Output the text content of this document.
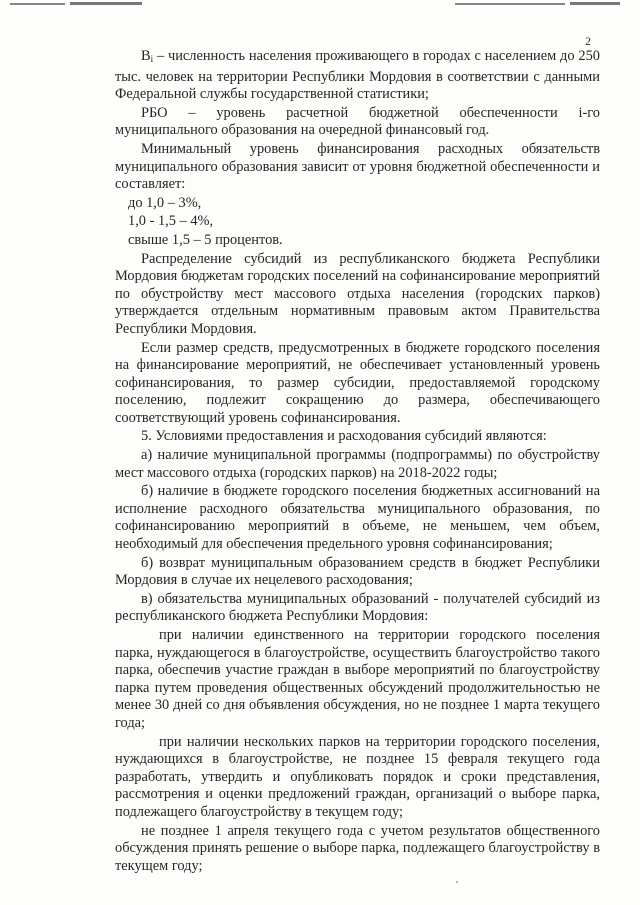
2

Вi – численность населения проживающего в городах с населением до 250 тыс. человек на территории Республики Мордовия в соответствии с данными Федеральной службы государственной статистики;

РБО – уровень расчетной бюджетной обеспеченности i-го муниципального образования на очередной финансовый год.

Минимальный уровень финансирования расходных обязательств муниципального образования зависит от уровня бюджетной обеспеченности и составляет:

до 1,0 – 3%,

1,0 - 1,5 – 4%,

свыше 1,5 – 5 процентов.

Распределение субсидий из республиканского бюджета Республики Мордовия бюджетам городских поселений на софинансирование мероприятий по обустройству мест массового отдыха населения (городских парков) утверждается отдельным нормативным правовым актом Правительства Республики Мордовия.

Если размер средств, предусмотренных в бюджете городского поселения на финансирование мероприятий, не обеспечивает установленный уровень софинансирования, то размер субсидии, предоставляемой городскому поселению, подлежит сокращению до размера, обеспечивающего соответствующий уровень софинансирования.

5. Условиями предоставления и расходования субсидий являются:

а) наличие муниципальной программы (подпрограммы) по обустройству мест массового отдыха (городских парков) на 2018-2022 годы;

б) наличие в бюджете городского поселения бюджетных ассигнований на исполнение расходного обязательства муниципального образования, по софинансированию мероприятий в объеме, не меньшем, чем объем, необходимый для обеспечения предельного уровня софинансирования;

б) возврат муниципальным образованием средств в бюджет Республики Мордовия в случае их нецелевого расходования;

в) обязательства муниципальных образований - получателей субсидий из республиканского бюджета Республики Мордовия:

при наличии единственного на территории городского поселения парка, нуждающегося в благоустройстве, осуществить благоустройство такого парка, обеспечив участие граждан в выборе мероприятий по благоустройству парка путем проведения общественных обсуждений продолжительностью не менее 30 дней со дня объявления обсуждения, но не позднее 1 марта текущего года;

при наличии нескольких парков на территории городского поселения, нуждающихся в благоустройстве, не позднее 15 февраля текущего года разработать, утвердить и опубликовать порядок и сроки представления, рассмотрения и оценки предложений граждан, организаций о выборе парка, подлежащего благоустройству в текущем году;

не позднее 1 апреля текущего года с учетом результатов общественного обсуждения принять решение о выборе парка, подлежащего благоустройству в текущем году;
